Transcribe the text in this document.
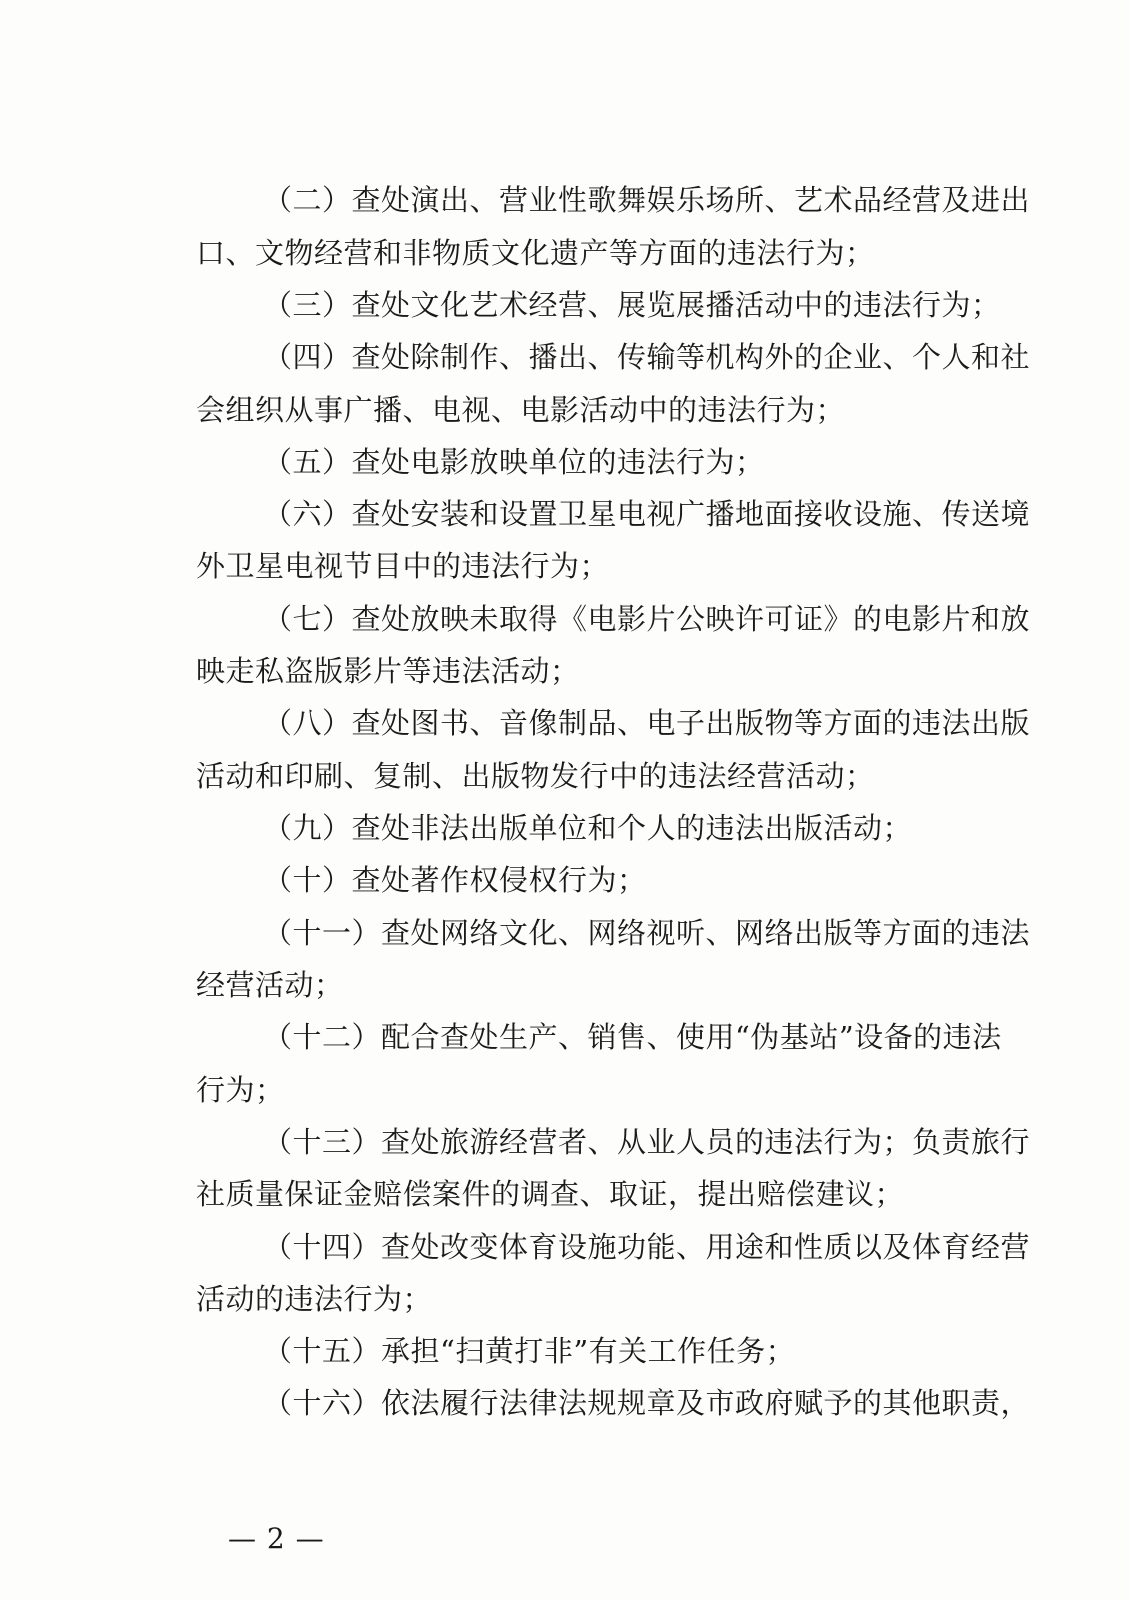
（二）查处演出、营业性歌舞娱乐场所、艺术品经营及进出
口、文物经营和非物质文化遗产等方面的违法行为；
（三）查处文化艺术经营、展览展播活动中的违法行为；
（四）查处除制作、播出、传输等机构外的企业、个人和社
会组织从事广播、电视、电影活动中的违法行为；
（五）查处电影放映单位的违法行为；
（六）查处安装和设置卫星电视广播地面接收设施、传送境
外卫星电视节目中的违法行为；
（七）查处放映未取得《电影片公映许可证》的电影片和放
映走私盗版影片等违法活动；
（八）查处图书、音像制品、电子出版物等方面的违法出版
活动和印刷、复制、出版物发行中的违法经营活动；
（九）查处非法出版单位和个人的违法出版活动；
（十）查处著作权侵权行为；
（十一）查处网络文化、网络视听、网络出版等方面的违法
经营活动；
（十二）配合查处生产、销售、使用“伪基站”设备的违法
行为；
（十三）查处旅游经营者、从业人员的违法行为；负责旅行
社质量保证金赔偿案件的调查、取证，提出赔偿建议；
（十四）查处改变体育设施功能、用途和性质以及体育经营
活动的违法行为；
（十五）承担“扫黄打非”有关工作任务；
（十六）依法履行法律法规规章及市政府赋予的其他职责，
— 2 —
